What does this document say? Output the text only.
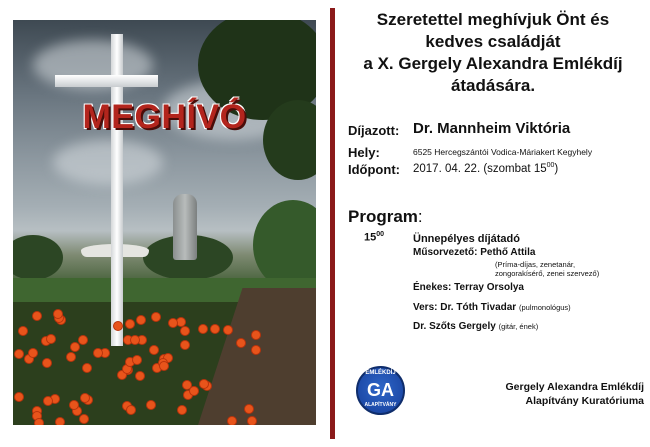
MEGHÍVÓ
Szeretettel meghívjuk Önt és
kedves családját
a X. Gergely Alexandra Emlékdíj
átadására.
Díjazott: Dr. Mannheim Viktória
Hely:	6525 Hercegszántói Vodica-Máriakert Kegyhely
Időpont: 2017. 04. 22. (szombat $15^{00}$)
Program:
$15^{00}$	Ünnepélyes díjátadó
Műsorvezető: Pethő Attila
(Príma-díjas, zenetanár,
zongorakísérő, zenei szervező)
Énekes: Terray Orsolya
Vers: Dr. Tóth Tivadar (pulmonológus)
Dr. Szőts Gergely (gitár, ének)
EMLÉKDÍJ
GA
ALAPÍTVÁNY
Gergely Alexandra Emlékdíj
Alapítvány Kuratóriuma
